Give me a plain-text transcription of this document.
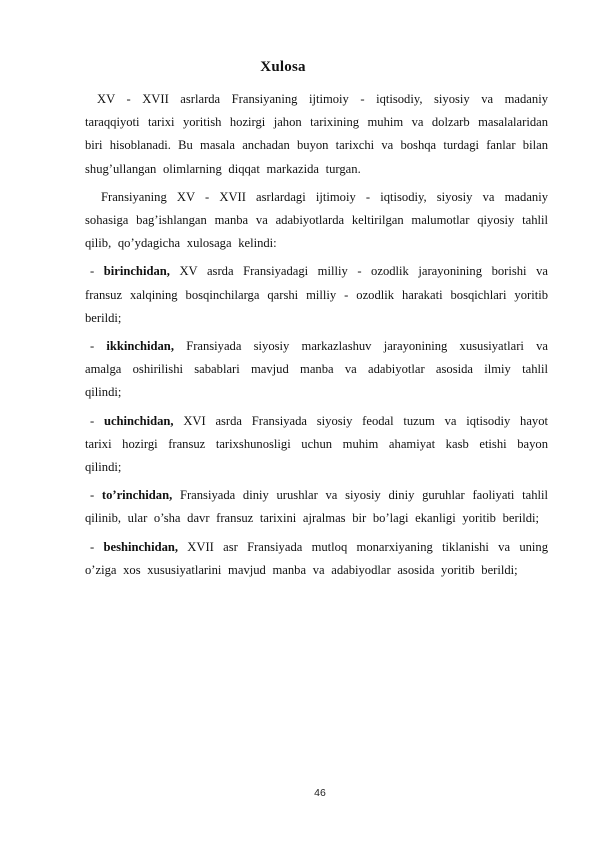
Xulosa

XV - XVII asrlarda Fransiyaning ijtimoiy - iqtisodiy, siyosiy va madaniy taraqqiyoti tarixi yoritish hozirgi jahon tarixining muhim va dolzarb masalalaridan biri hisoblanadi. Bu masala anchadan buyon tarixchi va boshqa turdagi fanlar bilan shug’ullangan olimlarning diqqat markazida turgan.

Fransiyaning XV - XVII asrlardagi ijtimoiy - iqtisodiy, siyosiy va madaniy sohasiga bag’ishlangan manba va adabiyotlarda keltirilgan malumotlar qiyosiy tahlil qilib, qo’ydagicha xulosaga kelindi:

- birinchidan, XV asrda Fransiyadagi milliy - ozodlik jarayonining borishi va fransuz xalqining bosqinchilarga qarshi milliy - ozodlik harakati bosqichlari yoritib berildi;

- ikkinchidan, Fransiyada siyosiy markazlashuv jarayonining xususiyatlari va amalga oshirilishi sabablari mavjud manba va adabiyotlar asosida ilmiy tahlil qilindi;

- uchinchidan, XVI asrda Fransiyada siyosiy feodal tuzum va iqtisodiy hayot tarixi hozirgi fransuz tarixshunosligi uchun muhim ahamiyat kasb etishi bayon qilindi;

- to’rinchidan, Fransiyada diniy urushlar va siyosiy diniy guruhlar faoliyati tahlil qilinib, ular o’sha davr fransuz tarixini ajralmas bir bo’lagi ekanligi yoritib berildi;

- beshinchidan, XVII asr Fransiyada mutloq monarxiyaning tiklanishi va uning o’ziga xos xususiyatlarini mavjud manba va adabiyodlar asosida yoritib berildi;

46
